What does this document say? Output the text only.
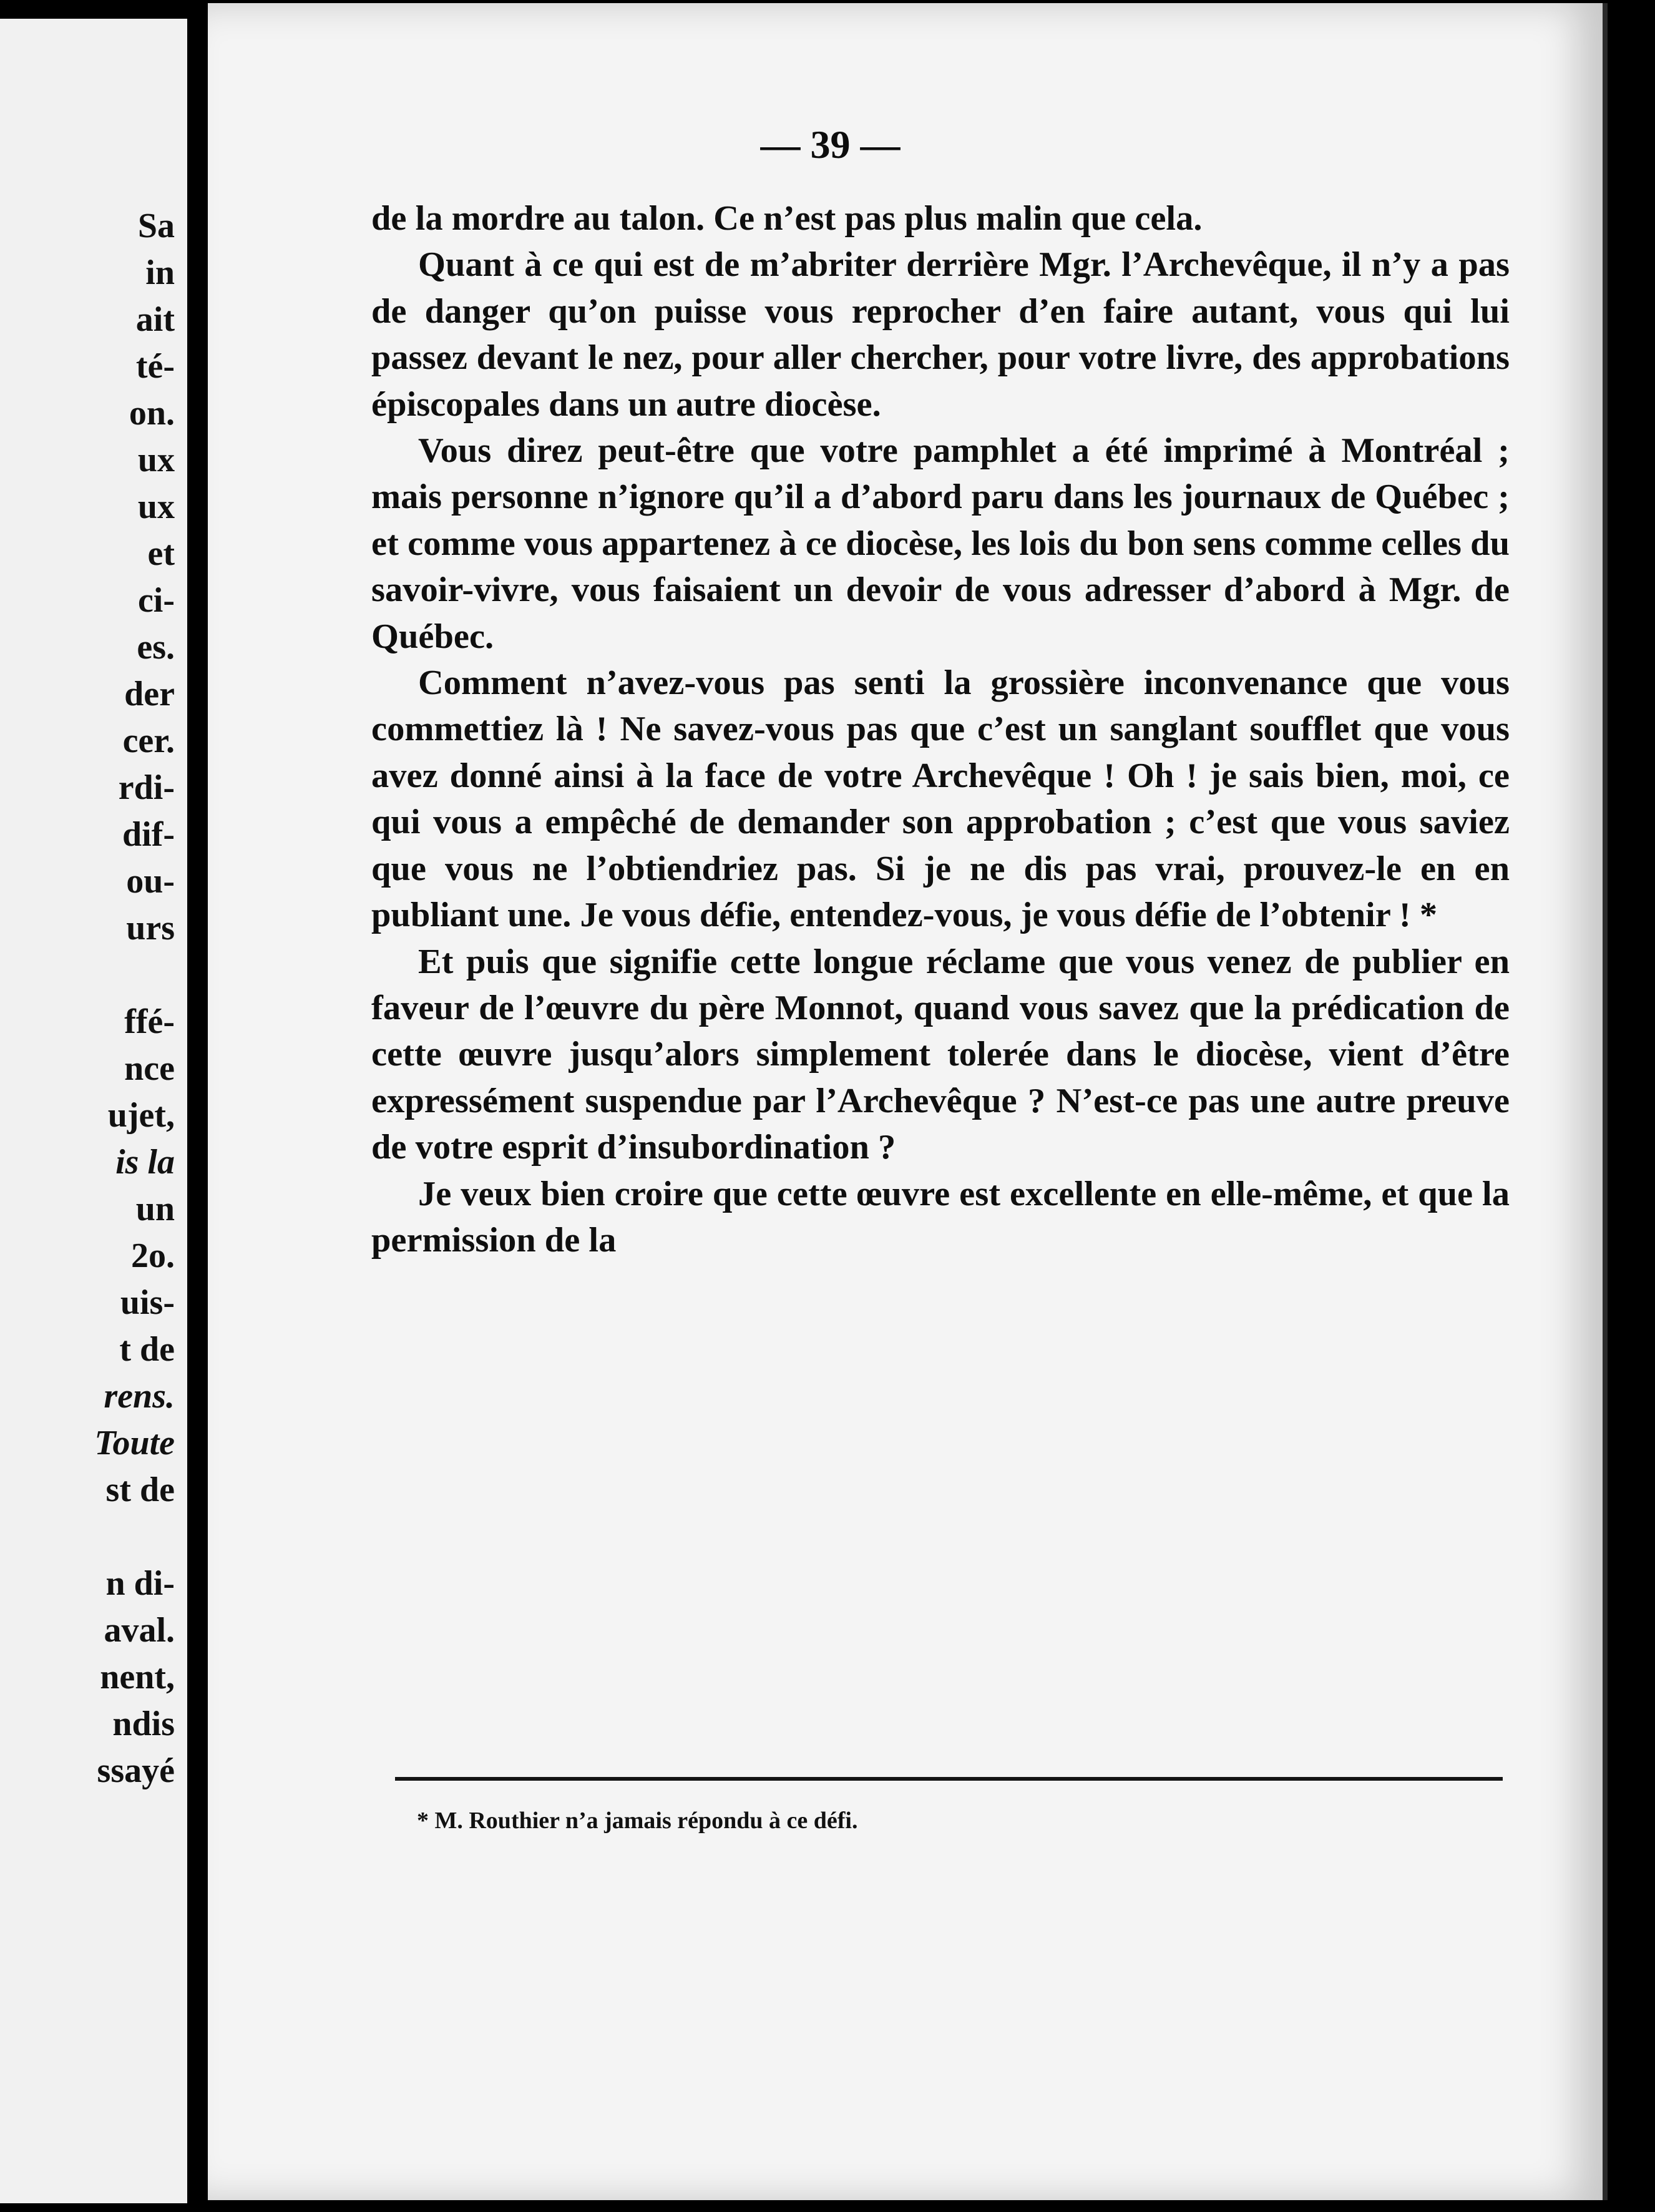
Sa
in
ait
té-
on.
ux
ux
et
ci-
es.
der
cer.
rdi-
dif-
ou-
urs
ffé-
nce
ujet,
is la
un
2o.
uis-
t de
rens.
Toute
st de
n di-
aval.
nent,
ndis
ssayé
— 39 —

de la mordre au talon. Ce n’est pas plus malin que cela.

Quant à ce qui est de m’abriter derrière Mgr. l’Archevêque, il n’y a pas de danger qu’on puisse vous reprocher d’en faire autant, vous qui lui passez devant le nez, pour aller chercher, pour votre livre, des approbations épiscopales dans un autre diocèse.

Vous direz peut-être que votre pamphlet a été imprimé à Montréal ; mais personne n’ignore qu’il a d’abord paru dans les journaux de Québec ; et comme vous appartenez à ce diocèse, les lois du bon sens comme celles du savoir-vivre, vous faisaient un devoir de vous adresser d’abord à Mgr. de Québec.

Comment n’avez-vous pas senti la grossière inconvenance que vous commettiez là ! Ne savez-vous pas que c’est un sanglant soufflet que vous avez donné ainsi à la face de votre Archevêque ! Oh ! je sais bien, moi, ce qui vous a empêché de demander son approbation ; c’est que vous saviez que vous ne l’obtiendriez pas. Si je ne dis pas vrai, prouvez-le en en publiant une. Je vous défie, entendez-vous, je vous défie de l’obtenir ! *

Et puis que signifie cette longue réclame que vous venez de publier en faveur de l’œuvre du père Monnot, quand vous savez que la prédication de cette œuvre jusqu’alors simplement tolerée dans le diocèse, vient d’être expressément suspendue par l’Archevêque ? N’est-ce pas une autre preuve de votre esprit d’insubordination ?

Je veux bien croire que cette œuvre est excellente en elle-même, et que la permission de la

* M. Routhier n’a jamais répondu à ce défi.
